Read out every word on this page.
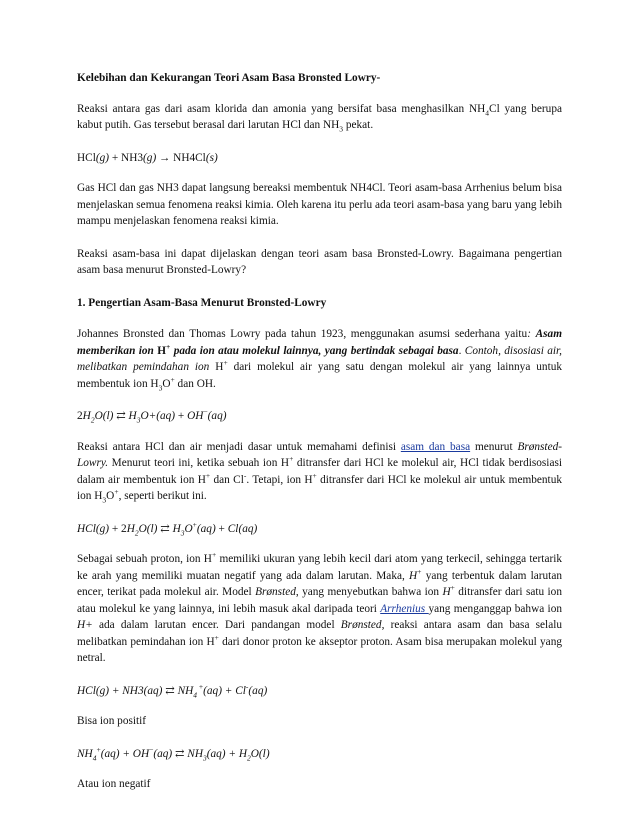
Kelebihan dan Kekurangan Teori Asam Basa Bronsted Lowry-

Reaksi antara gas dari asam klorida dan amonia yang bersifat basa menghasilkan $NH_4Cl$ yang berupa kabut putih. Gas tersebut berasal dari larutan HCl dan $NH_3$ pekat.

HCl(g) + NH3(g) → NH4Cl(s)

Gas HCl dan gas NH3 dapat langsung bereaksi membentuk NH4Cl. Teori asam-basa Arrhenius belum bisa menjelaskan semua fenomena reaksi kimia. Oleh karena itu perlu ada teori asam-basa yang baru yang lebih mampu menjelaskan fenomena reaksi kimia.

Reaksi asam-basa ini dapat dijelaskan dengan teori asam basa Bronsted-Lowry. Bagaimana pengertian asam basa menurut Bronsted-Lowry?

1. Pengertian Asam-Basa Menurut Bronsted-Lowry

Johannes Bronsted dan Thomas Lowry pada tahun 1923, menggunakan asumsi sederhana yaitu: Asam memberikan ion H+ pada ion atau molekul lainnya, yang bertindak sebagai basa. Contoh, disosiasi air, melibatkan pemindahan ion H+ dari molekul air yang satu dengan molekul air yang lainnya untuk membentuk ion $H_3O^+$ dan OH.

$2H_2O(l)$ ⇄ $H_3O+(aq) + OH^-(aq)$

Reaksi antara HCl dan air menjadi dasar untuk memahami definisi asam dan basa menurut Brønsted-Lowry. Menurut teori ini, ketika sebuah ion H+ ditransfer dari HCl ke molekul air, HCl tidak berdisosiasi dalam air membentuk ion H+ dan Cl-. Tetapi, ion H+ ditransfer dari HCl ke molekul air untuk membentuk ion $H_3O^+$, seperti berikut ini.

$HCl(g) + 2H_2O(l)$ ⇄ $H_3O^+(aq) + Cl(aq)$

Sebagai sebuah proton, ion H+ memiliki ukuran yang lebih kecil dari atom yang terkecil, sehingga tertarik ke arah yang memiliki muatan negatif yang ada dalam larutan. Maka, H+ yang terbentuk dalam larutan encer, terikat pada molekul air. Model Brønsted, yang menyebutkan bahwa ion H+ ditransfer dari satu ion atau molekul ke yang lainnya, ini lebih masuk akal daripada teori Arrhenius yang menganggap bahwa ion H+ ada dalam larutan encer. Dari pandangan model Brønsted, reaksi antara asam dan basa selalu melibatkan pemindahan ion H+ dari donor proton ke akseptor proton. Asam bisa merupakan molekul yang netral.

HCl(g) + NH3(aq) ⇄ $NH_4$ +(aq) + Cl-(aq)

Bisa ion positif

$NH_4^+(aq) + OH^-(aq)$ ⇄ $NH_3(aq) + H_2O(l)$

Atau ion negatif
